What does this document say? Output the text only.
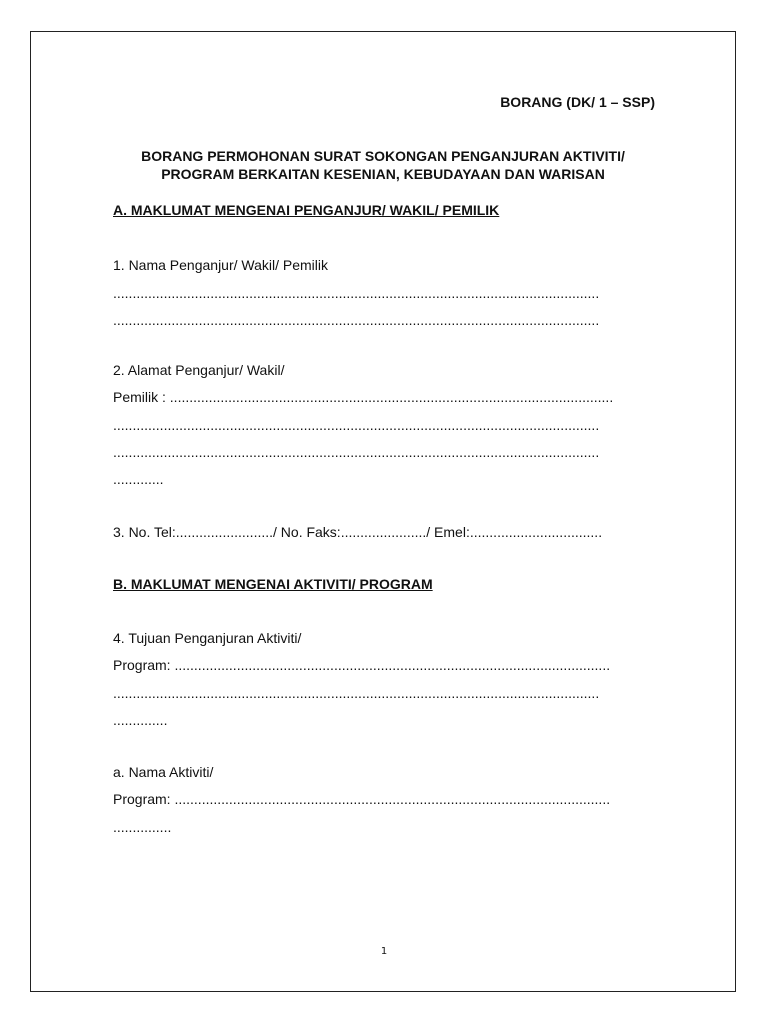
BORANG (DK/ 1 – SSP)
BORANG PERMOHONAN SURAT SOKONGAN PENGANJURAN AKTIVITI/
PROGRAM BERKAITAN KESENIAN, KEBUDAYAAN DAN WARISAN
A. MAKLUMAT MENGENAI PENGANJUR/ WAKIL/ PEMILIK
1. Nama Penganjur/ Wakil/ Pemilik
.............................................................................................................................
.............................................................................................................................
2. Alamat Penganjur/ Wakil/
Pemilik : ..................................................................................................................
.............................................................................................................................
.............................................................................................................................
.............
3. No. Tel:........................./ No. Faks:....................../ Emel:..................................
B. MAKLUMAT MENGENAI AKTIVITI/ PROGRAM
4. Tujuan Penganjuran Aktiviti/
Program: ................................................................................................................
.............................................................................................................................
..............
a. Nama Aktiviti/
Program: ................................................................................................................
...............
1
